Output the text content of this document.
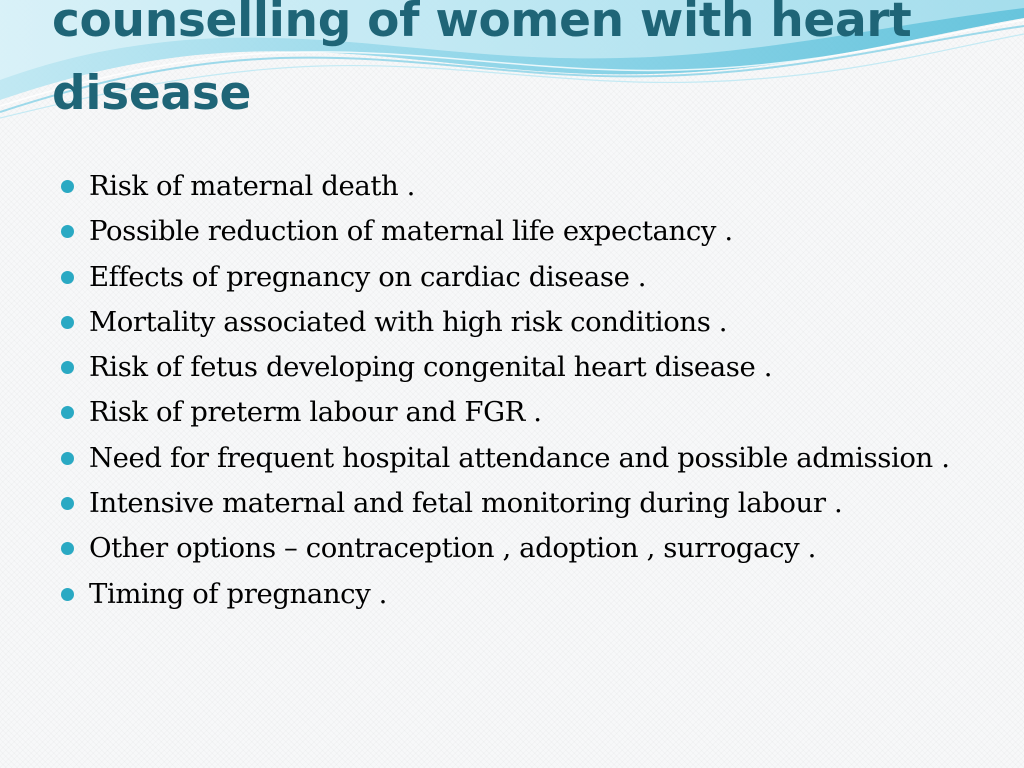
counselling of women with heart disease
Risk of maternal death .
Possible reduction of maternal life expectancy .
Effects of pregnancy on cardiac disease .
Mortality associated with high risk conditions .
Risk of fetus developing congenital heart disease .
Risk of preterm labour and FGR .
Need for frequent hospital attendance and possible admission .
Intensive maternal and fetal monitoring during labour .
Other options – contraception , adoption , surrogacy .
Timing of pregnancy .
